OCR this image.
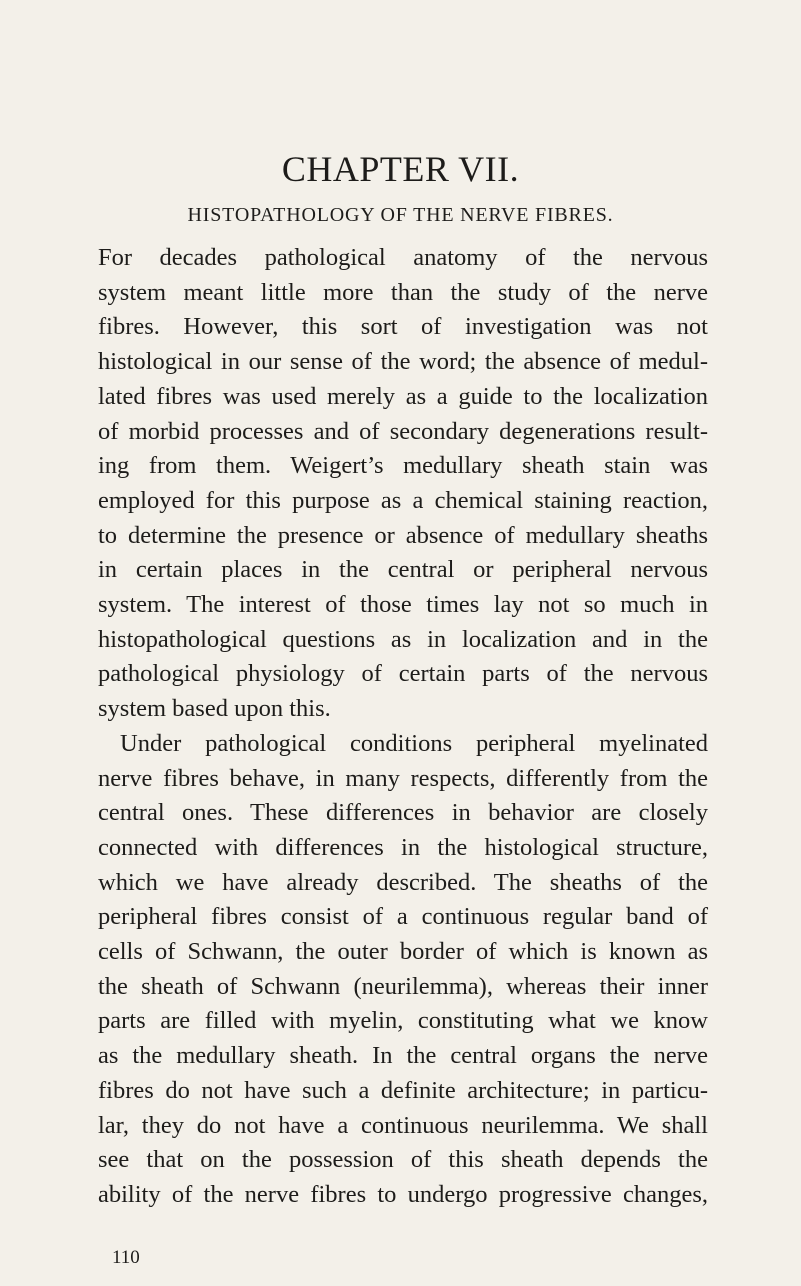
CHAPTER VII.
HISTOPATHOLOGY OF THE NERVE FIBRES.
For decades pathological anatomy of the nervous
system meant little more than the study of the nerve
fibres. However, this sort of investigation was not
histological in our sense of the word; the absence of medul-
lated fibres was used merely as a guide to the localization
of morbid processes and of secondary degenerations result-
ing from them. Weigert’s medullary sheath stain was
employed for this purpose as a chemical staining reaction,
to determine the presence or absence of medullary sheaths
in certain places in the central or peripheral nervous
system. The interest of those times lay not so much in
histopathological questions as in localization and in the
pathological physiology of certain parts of the nervous
system based upon this.
Under pathological conditions peripheral myelinated
nerve fibres behave, in many respects, differently from the
central ones. These differences in behavior are closely
connected with differences in the histological structure,
which we have already described. The sheaths of the
peripheral fibres consist of a continuous regular band of
cells of Schwann, the outer border of which is known as
the sheath of Schwann (neurilemma), whereas their inner
parts are filled with myelin, constituting what we know
as the medullary sheath. In the central organs the nerve
fibres do not have such a definite architecture; in particu-
lar, they do not have a continuous neurilemma. We shall
see that on the possession of this sheath depends the
ability of the nerve fibres to undergo progressive changes,
110
